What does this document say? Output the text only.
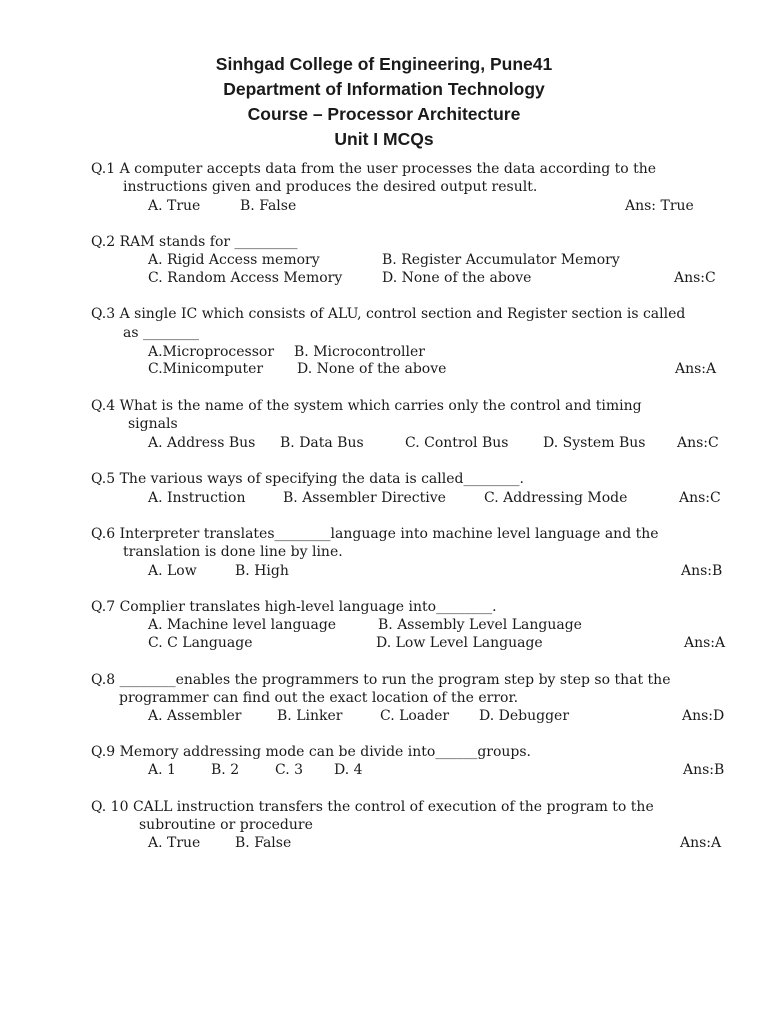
Sinhgad College of Engineering, Pune41
Department of Information Technology
Course – Processor Architecture
Unit I MCQs
Q.1 A computer accepts data from the user processes the data according to the
instructions given and produces the desired output result.
A. True	B. False	Ans: True
Q.2 RAM stands for _________
A. Rigid Access memory	B. Register Accumulator Memory
C. Random Access Memory	D. None of the above	Ans:C
Q.3 A single IC which consists of ALU, control section and Register section is called
as ________
A.Microprocessor B. Microcontroller
C.Minicomputer D. None of the above	Ans:A
Q.4 What is the name of the system which carries only the control and timing
signals
A. Address Bus B. Data Bus	C. Control Bus D. System Bus Ans:C
Q.5 The various ways of specifying the data is called________.
A. Instruction	B. Assembler Directive	C. Addressing Mode	Ans:C
Q.6 Interpreter translates________language into machine level language and the
translation is done line by line.
A. Low	B. High	Ans:B
Q.7 Complier translates high-level language into________.
A. Machine level language	B. Assembly Level Language
C. C Language	D. Low Level Language	Ans:A
Q.8 ________enables the programmers to run the program step by step so that the
programmer can find out the exact location of the error.
A. Assembler	B. Linker	C. Loader D. Debugger	Ans:D
Q.9 Memory addressing mode can be divide into______groups.
A. 1	B. 2	C. 3 D. 4	Ans:B
Q. 10 CALL instruction transfers the control of execution of the program to the
subroutine or procedure
A. True B. False	Ans:A
